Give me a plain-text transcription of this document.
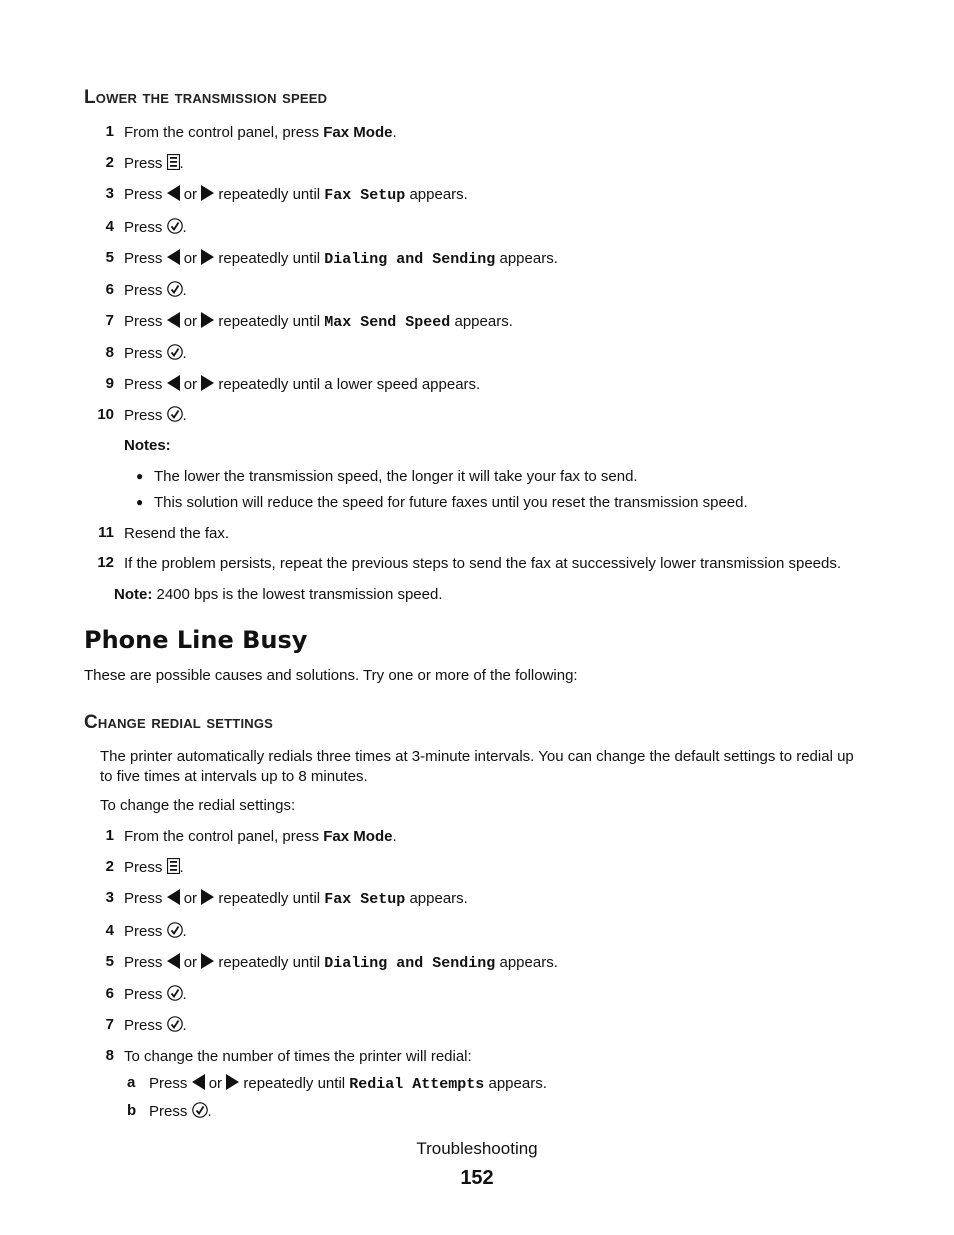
Lower the transmission speed
1 From the control panel, press Fax Mode.
2 Press .
3 Press or repeatedly until Fax Setup appears.
4 Press .
5 Press or repeatedly until Dialing and Sending appears.
6 Press .
7 Press or repeatedly until Max Send Speed appears.
8 Press .
9 Press or repeatedly until a lower speed appears.
10 Press .
Notes:
● The lower the transmission speed, the longer it will take your fax to send.
● This solution will reduce the speed for future faxes until you reset the transmission speed.
11 Resend the fax.
12 If the problem persists, repeat the previous steps to send the fax at successively lower transmission speeds.
Note: 2400 bps is the lowest transmission speed.
Phone Line Busy
These are possible causes and solutions. Try one or more of the following:
Change redial settings
The printer automatically redials three times at 3-minute intervals. You can change the default settings to redial up to five times at intervals up to 8 minutes.
To change the redial settings:
1 From the control panel, press Fax Mode.
2 Press .
3 Press or repeatedly until Fax Setup appears.
4 Press .
5 Press or repeatedly until Dialing and Sending appears.
6 Press .
7 Press .
8 To change the number of times the printer will redial:
a Press or repeatedly until Redial Attempts appears.
b Press .
Troubleshooting
152
